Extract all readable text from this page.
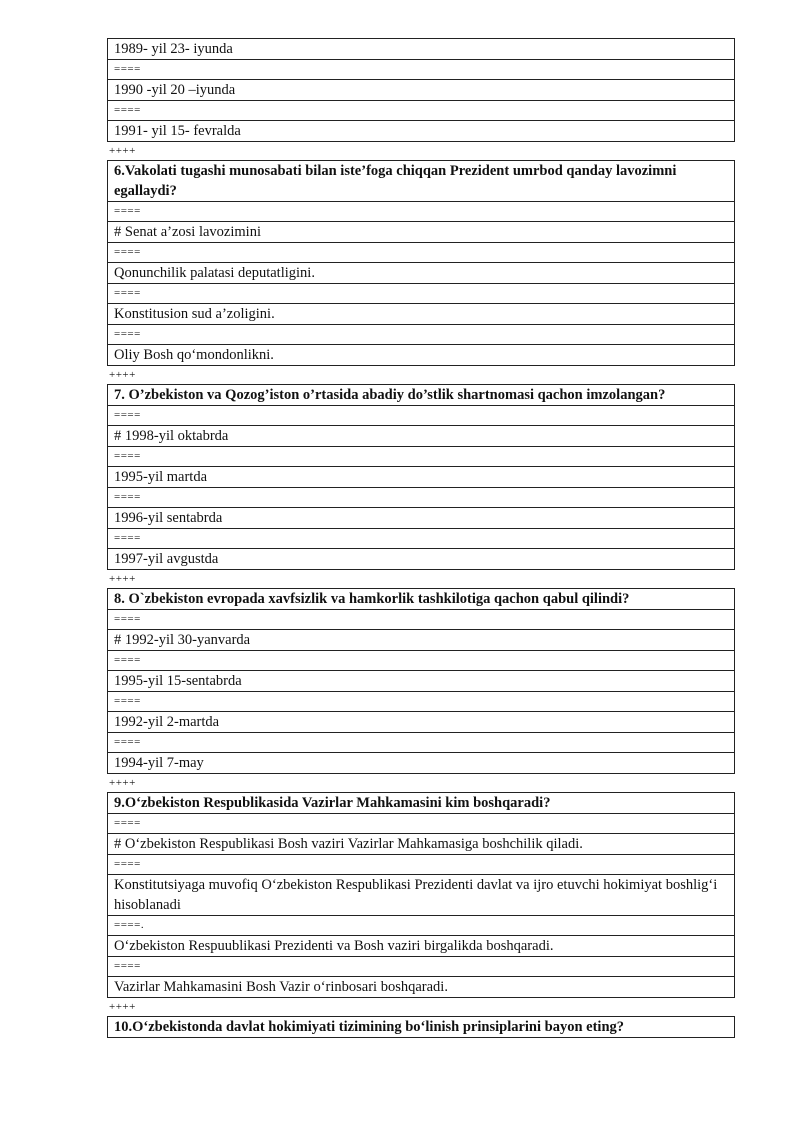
1989- yil 23- iyunda
====
1990 -yil 20 –iyunda
====
1991- yil 15- fevralda
++++
6.Vakolati tugashi munosabati bilan iste’foga chiqqan Prezident umrbod qanday lavozimni egallaydi?
====
# Senat a’zosi lavozimini
====
Qonunchilik palatasi deputatligini.
====
Konstitusion sud a’zoligini.
====
Oliy Bosh qo‘mondonlikni.
++++
7. O’zbekiston va Qozog’iston o’rtasida abadiy do’stlik shartnomasi qachon imzolangan?
====
# 1998-yil oktabrda
====
1995-yil martda
====
1996-yil sentabrda
====
1997-yil avgustda
++++
8. O`zbekiston evropada xavfsizlik va hamkorlik tashkilotiga qachon qabul qilindi?
====
# 1992-yil 30-yanvarda
====
1995-yil 15-sentabrda
====
1992-yil 2-martda
====
1994-yil 7-may
++++
9.O‘zbekiston Respublikasida Vazirlar Mahkamasini kim boshqaradi?
====
# O‘zbekiston Respublikasi Bosh vaziri Vazirlar Mahkamasiga boshchilik qiladi.
====
Konstitutsiyaga muvofiq O‘zbekiston Respublikasi Prezidenti davlat va ijro etuvchi hokimiyat boshlig‘i hisoblanadi
====.
O‘zbekiston Respuublikasi Prezidenti va Bosh vaziri birgalikda boshqaradi.
====
Vazirlar Mahkamasini Bosh Vazir o‘rinbosari boshqaradi.
++++
10.O‘zbekistonda davlat hokimiyati tizimining bo‘linish prinsiplarini bayon eting?
